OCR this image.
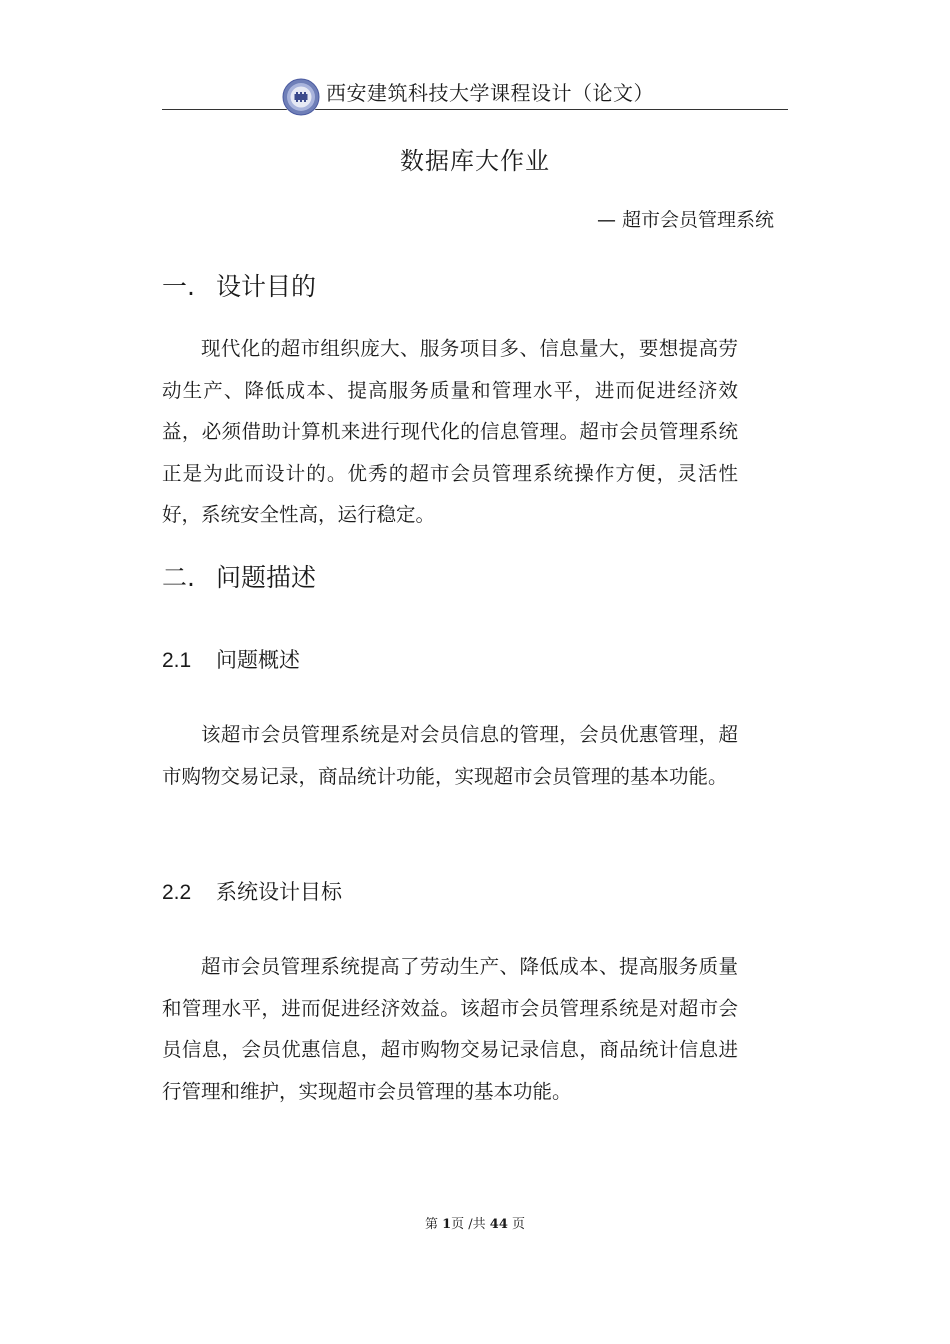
西安建筑科技大学课程设计（论文）
数据库大作业

— 超市会员管理系统

一. 设计目的

现代化的超市组织庞大、服务项目多、信息量大，要想提高劳动生产、降低成本、提高服务质量和管理水平，进而促进经济效益，必须借助计算机来进行现代化的信息管理。超市会员管理系统正是为此而设计的。优秀的超市会员管理系统操作方便，灵活性好，系统安全性高，运行稳定。

二. 问题描述
2.1 问题概述

该超市会员管理系统是对会员信息的管理，会员优惠管理，超市购物交易记录，商品统计功能，实现超市会员管理的基本功能。

2.2 系统设计目标

超市会员管理系统提高了劳动生产、降低成本、提高服务质量和管理水平，进而促进经济效益。该超市会员管理系统是对超市会员信息，会员优惠信息，超市购物交易记录信息，商品统计信息进行管理和维护，实现超市会员管理的基本功能。

第 1页 /共 44 页
